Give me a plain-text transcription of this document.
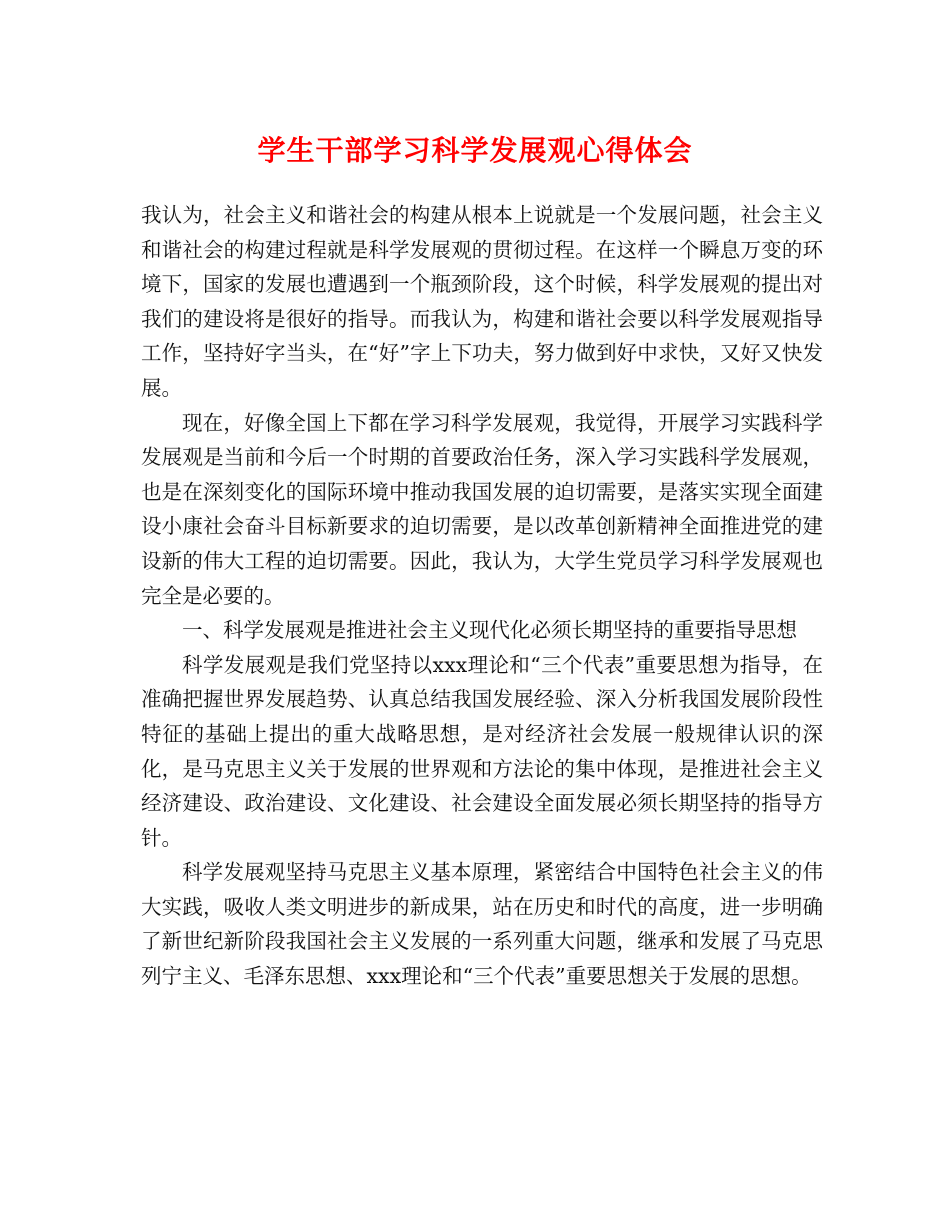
学生干部学习科学发展观心得体会

我认为，社会主义和谐社会的构建从根本上说就是一个发展问题，社会主义和谐社会的构建过程就是科学发展观的贯彻过程。在这样一个瞬息万变的环境下，国家的发展也遭遇到一个瓶颈阶段，这个时候，科学发展观的提出对我们的建设将是很好的指导。而我认为，构建和谐社会要以科学发展观指导工作，坚持好字当头，在“好”字上下功夫，努力做到好中求快，又好又快发展。

现在，好像全国上下都在学习科学发展观，我觉得，开展学习实践科学发展观是当前和今后一个时期的首要政治任务，深入学习实践科学发展观，也是在深刻变化的国际环境中推动我国发展的迫切需要，是落实实现全面建设小康社会奋斗目标新要求的迫切需要，是以改革创新精神全面推进党的建设新的伟大工程的迫切需要。因此，我认为，大学生党员学习科学发展观也完全是必要的。

一、科学发展观是推进社会主义现代化必须长期坚持的重要指导思想

科学发展观是我们党坚持以xxx理论和“三个代表”重要思想为指导，在准确把握世界发展趋势、认真总结我国发展经验、深入分析我国发展阶段性特征的基础上提出的重大战略思想，是对经济社会发展一般规律认识的深化，是马克思主义关于发展的世界观和方法论的集中体现，是推进社会主义经济建设、政治建设、文化建设、社会建设全面发展必须长期坚持的指导方针。

科学发展观坚持马克思主义基本原理，紧密结合中国特色社会主义的伟大实践，吸收人类文明进步的新成果，站在历史和时代的高度，进一步明确了新世纪新阶段我国社会主义发展的一系列重大问题，继承和发展了马克思列宁主义、毛泽东思想、xxx理论和“三个代表”重要思想关于发展的思想。
